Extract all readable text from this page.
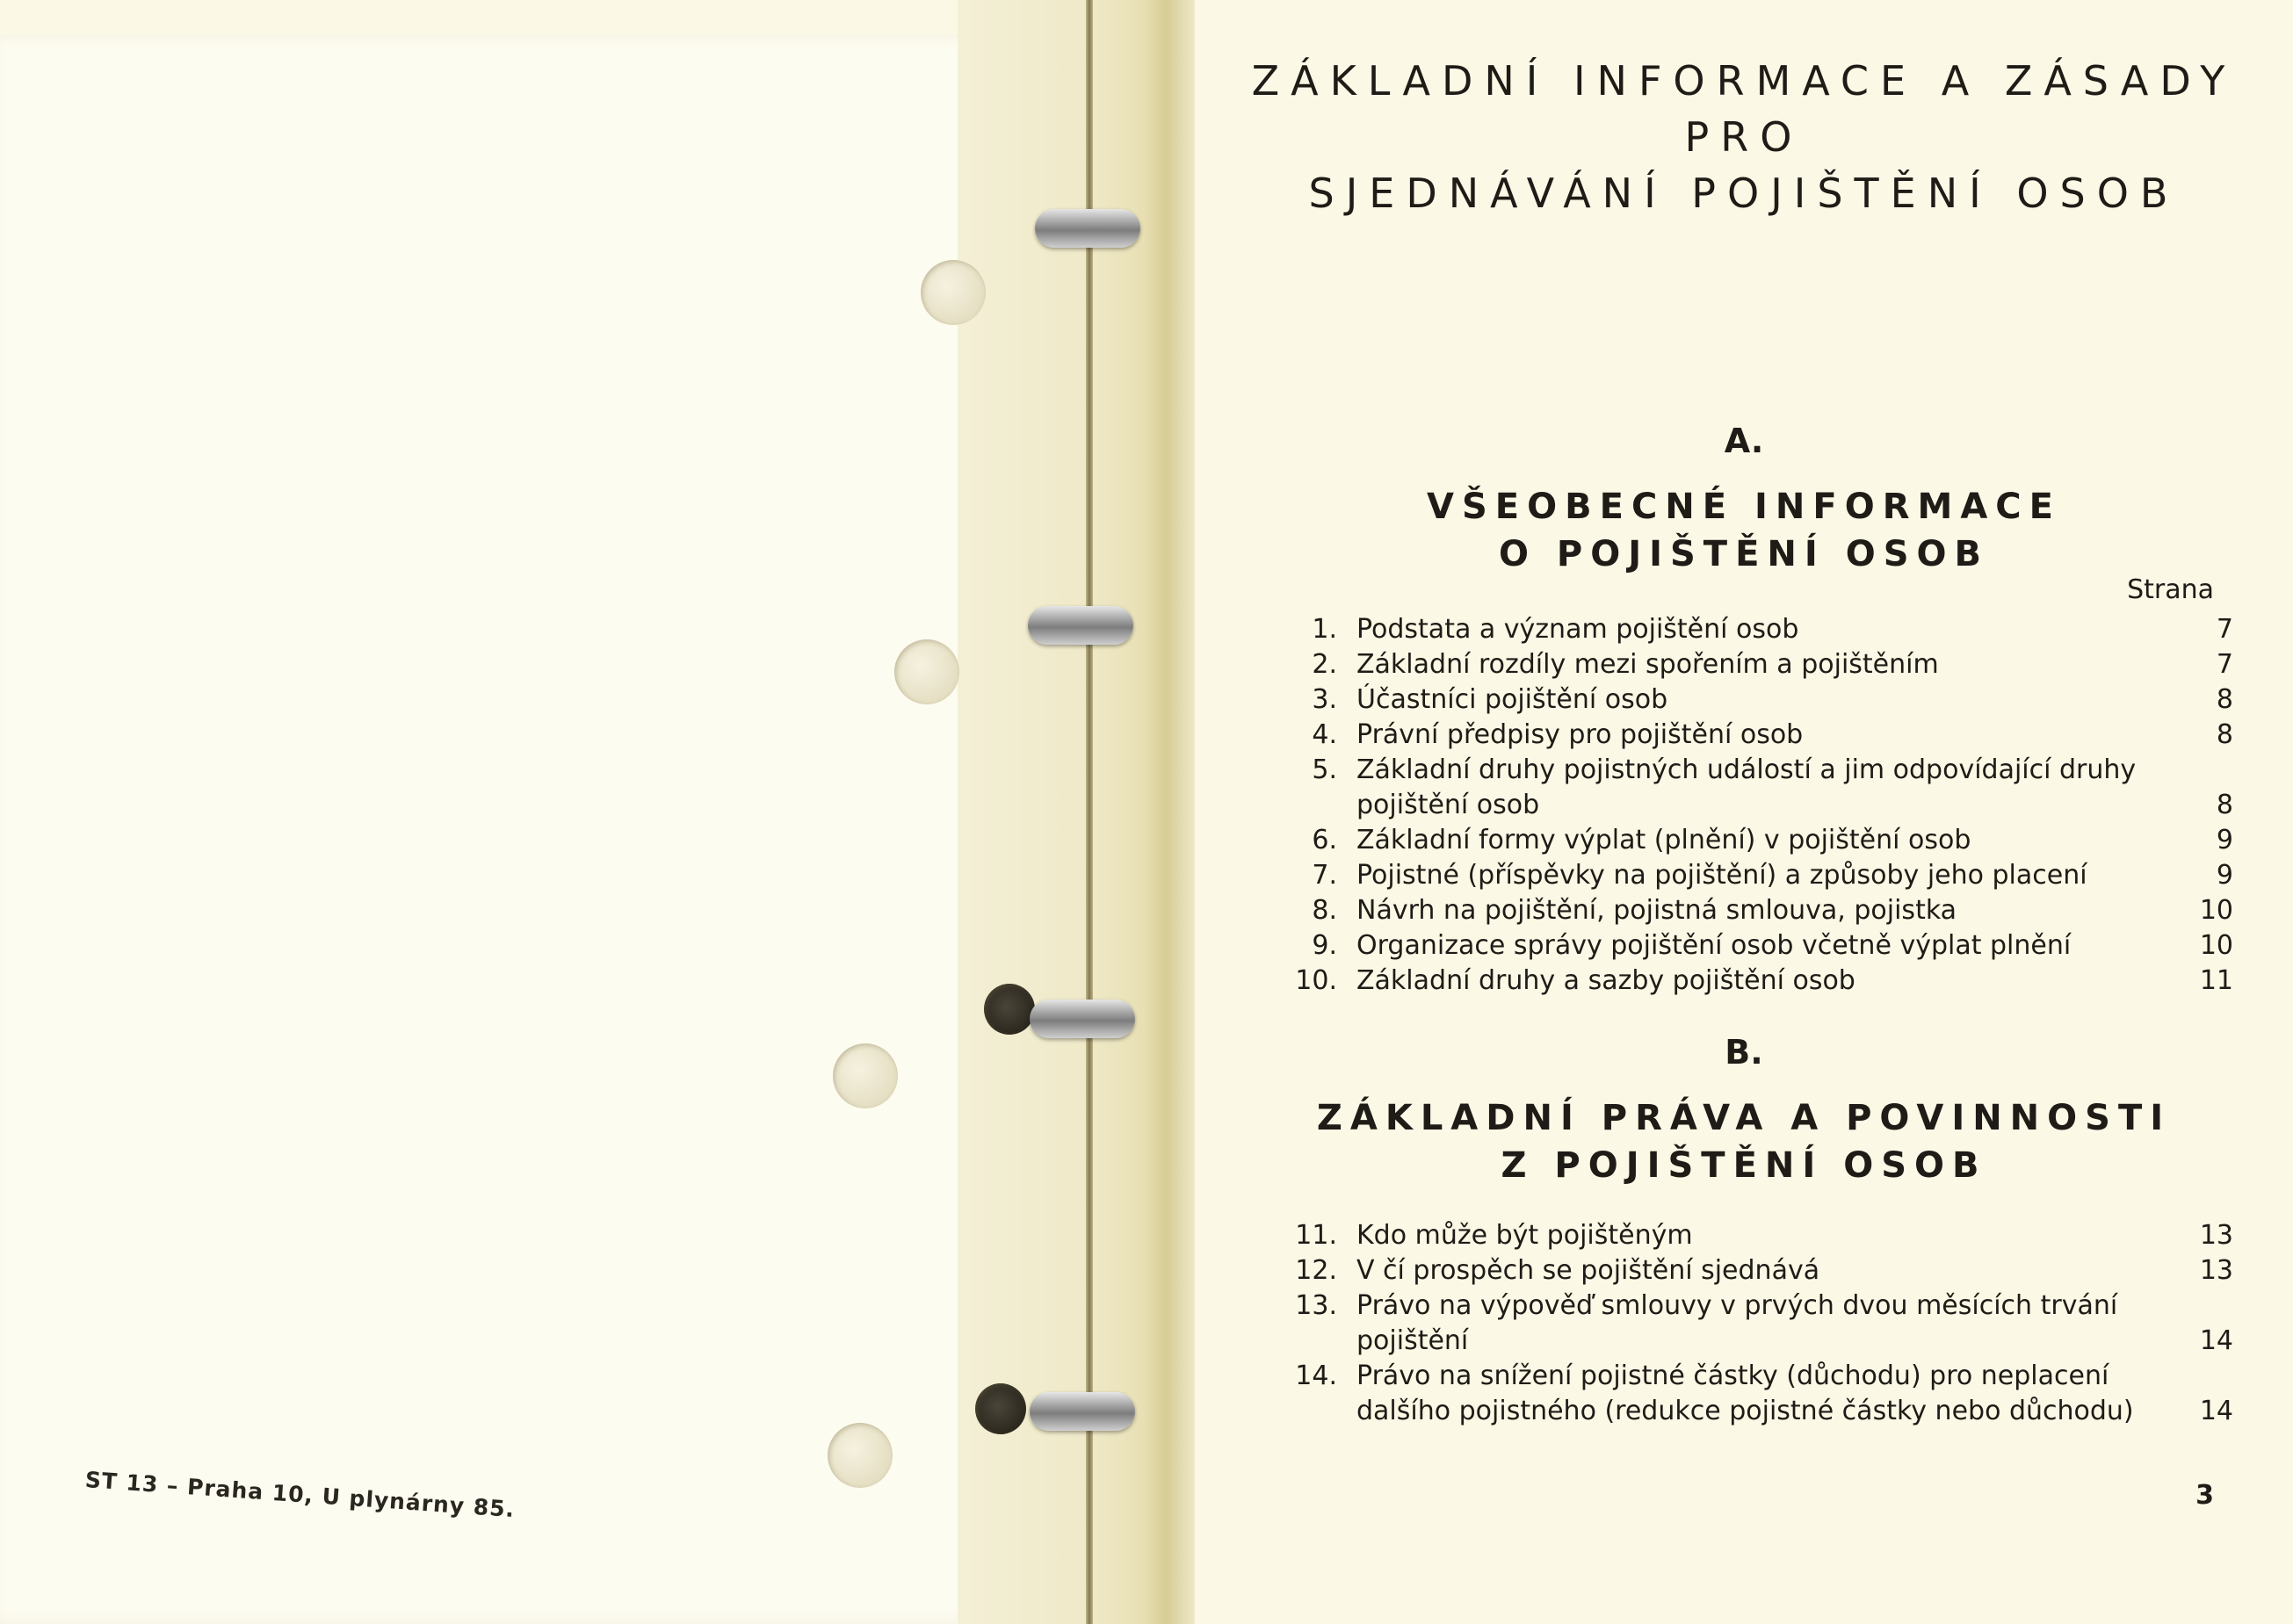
ST 13 – Praha 10, U plynárny 85.
ZÁKLADNÍ INFORMACE A ZÁSADY
PRO
SJEDNÁVÁNÍ POJIŠTĚNÍ OSOB
A.
VŠEOBECNÉ INFORMACE
O POJIŠTĚNÍ OSOB
B.
ZÁKLADNÍ PRÁVA A POVINNOSTI
Z POJIŠTĚNÍ OSOB
Strana
1. Podstata a význam pojištění osob	7
2. Základní rozdíly mezi spořením a pojištěním	7
3. Účastníci pojištění osob	8
4. Právní předpisy pro pojištění osob	8
5. Základní druhy pojistných událostí a jim odpovídající druhy pojištění osob	8
6. Základní formy výplat (plnění) v pojištění osob	9
7. Pojistné (příspěvky na pojištění) a způsoby jeho placení	9
8. Návrh na pojištění, pojistná smlouva, pojistka	10
9. Organizace správy pojištění osob včetně výplat plnění	10
10. Základní druhy a sazby pojištění osob	11
11. Kdo může být pojištěným	13
12. V čí prospěch se pojištění sjednává	13
13. Právo na výpověď smlouvy v prvých dvou měsících trvání pojištění	14
14. Právo na snížení pojistné částky (důchodu) pro neplacení dalšího pojistného (redukce pojistné částky nebo důchodu)	14
3
